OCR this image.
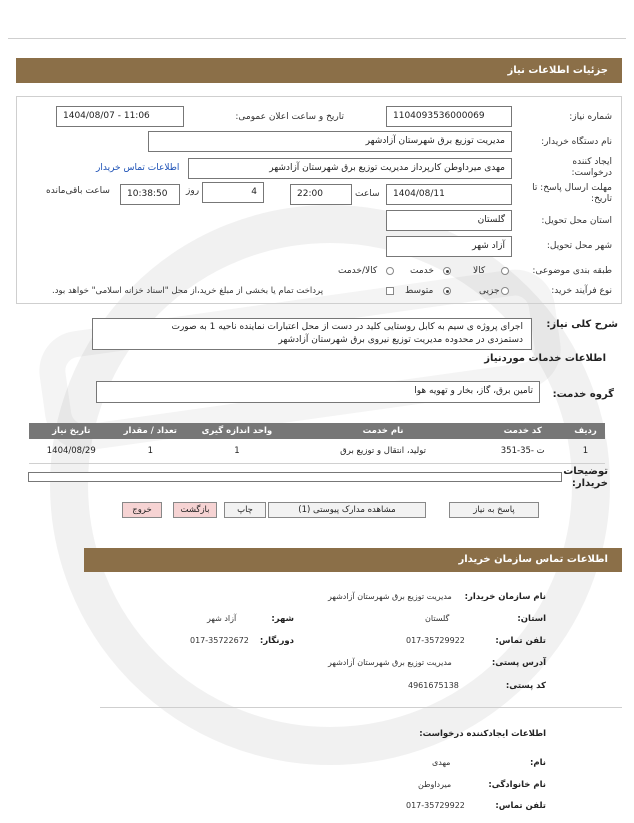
جزئیات اطلاعات نیاز
شماره نیاز:
1104093536000069
تاریخ و ساعت اعلان عمومی:
1404/08/07 - 11:06
نام دستگاه خریدار:
مدیریت توزیع برق شهرستان آزادشهر
ایجاد کننده
درخواست:
مهدی میرداوطن کارپرداز مدیریت توزیع برق شهرستان آزادشهر
اطلاعات تماس خریدار
مهلت ارسال پاسخ: تا
تاریخ:
1404/08/11
ساعت
22:00
4
روز
10:38:50
ساعت باقی‌مانده
استان محل تحویل:
گلستان
شهر محل تحویل:
آزاد شهر
طبقه بندی موضوعی:
کالا
خدمت
کالا/خدمت
نوع فرآیند خرید:
جزیی
متوسط
پرداخت تمام یا بخشی از مبلغ خرید،از محل "اسناد خزانه اسلامی" خواهد بود.
شرح کلی نیاز:
اجرای پروژه ی سیم به کابل روستایی کلید در دست از محل اعتبارات نماینده ناحیه 1 به صورت
دستمزدی در محدوده مدیریت توزیع نیروی برق شهرستان آزادشهر
اطلاعات خدمات موردنیاز
گروه خدمت:
تامین برق، گاز، بخار و تهویه هوا
ردیف	کد خدمت	نام خدمت	واحد اندازه گیری	تعداد / مقدار	تاریخ نیاز
1	ت -35-351	تولید، انتقال و توزیع برق	1	1	1404/08/29
توضیحات
خریدار:
پاسخ به نیاز
مشاهده مدارک پیوستی (1)
چاپ
بازگشت
خروج
اطلاعات تماس سازمان خریدار
نام سازمان خریدار:
مدیریت توزیع برق شهرستان آزادشهر
استان:
گلستان
شهر:
آزاد شهر
تلفن تماس:
017-35729922
دورنگار:
017-35722672
آدرس پستی:
مدیریت توزیع برق شهرستان آزادشهر
کد پستی:
4961675138
اطلاعات ایجادکننده درخواست:
نام:
مهدی
نام خانوادگی:
میرداوطن
تلفن تماس:
017-35729922
